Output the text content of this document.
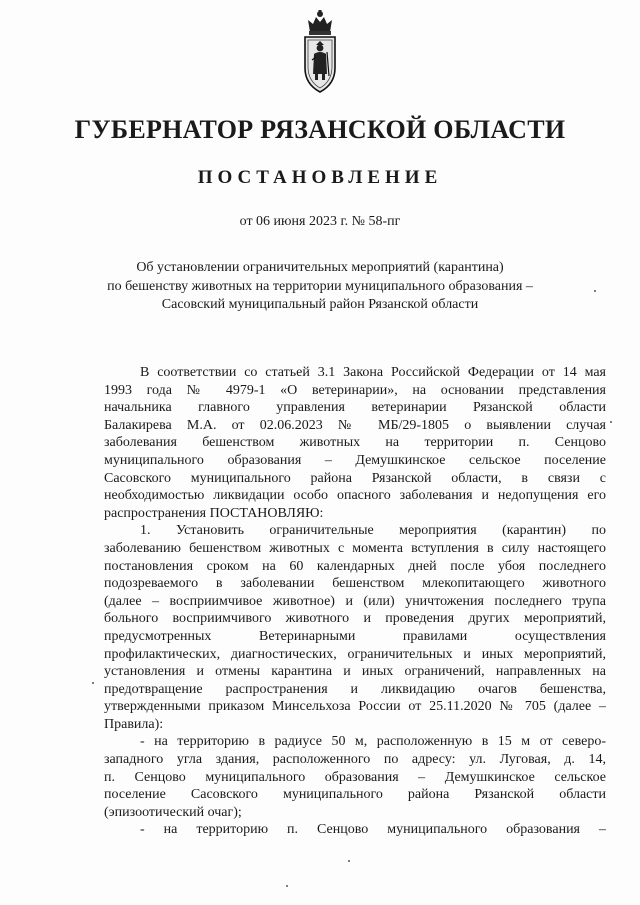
ГУБЕРНАТОР РЯЗАНСКОЙ ОБЛАСТИ
ПОСТАНОВЛЕНИЕ
от 06 июня 2023 г. № 58-пг
Об установлении ограничительных мероприятий (карантина)
по бешенству животных на территории муниципального образования –
Сасовский муниципальный район Рязанской области
В соответствии со статьей 3.1 Закона Российской Федерации от 14 мая
1993 года № 4979-1 «О ветеринарии», на основании представления
начальника главного управления ветеринарии Рязанской области
Балакирева М.А. от 02.06.2023 № МБ/29-1805 о выявлении случая
заболевания бешенством животных на территории п. Сенцово
муниципального образования – Демушкинское сельское поселение
Сасовского муниципального района Рязанской области, в связи с
необходимостью ликвидации особо опасного заболевания и недопущения его
распространения ПОСТАНОВЛЯЮ:
1. Установить ограничительные мероприятия (карантин) по
заболеванию бешенством животных с момента вступления в силу настоящего
постановления сроком на 60 календарных дней после убоя последнего
подозреваемого в заболевании бешенством млекопитающего животного
(далее – восприимчивое животное) и (или) уничтожения последнего трупа
больного восприимчивого животного и проведения других мероприятий,
предусмотренных Ветеринарными правилами осуществления
профилактических, диагностических, ограничительных и иных мероприятий,
установления и отмены карантина и иных ограничений, направленных на
предотвращение распространения и ликвидацию очагов бешенства,
утвержденными приказом Минсельхоза России от 25.11.2020 № 705 (далее –
Правила):
- на территорию в радиусе 50 м, расположенную в 15 м от северо-
западного угла здания, расположенного по адресу: ул. Луговая, д. 14,
п. Сенцово муниципального образования – Демушкинское сельское
поселение Сасовского муниципального района Рязанской области
(эпизоотический очаг);
- на территорию п. Сенцово муниципального образования –
